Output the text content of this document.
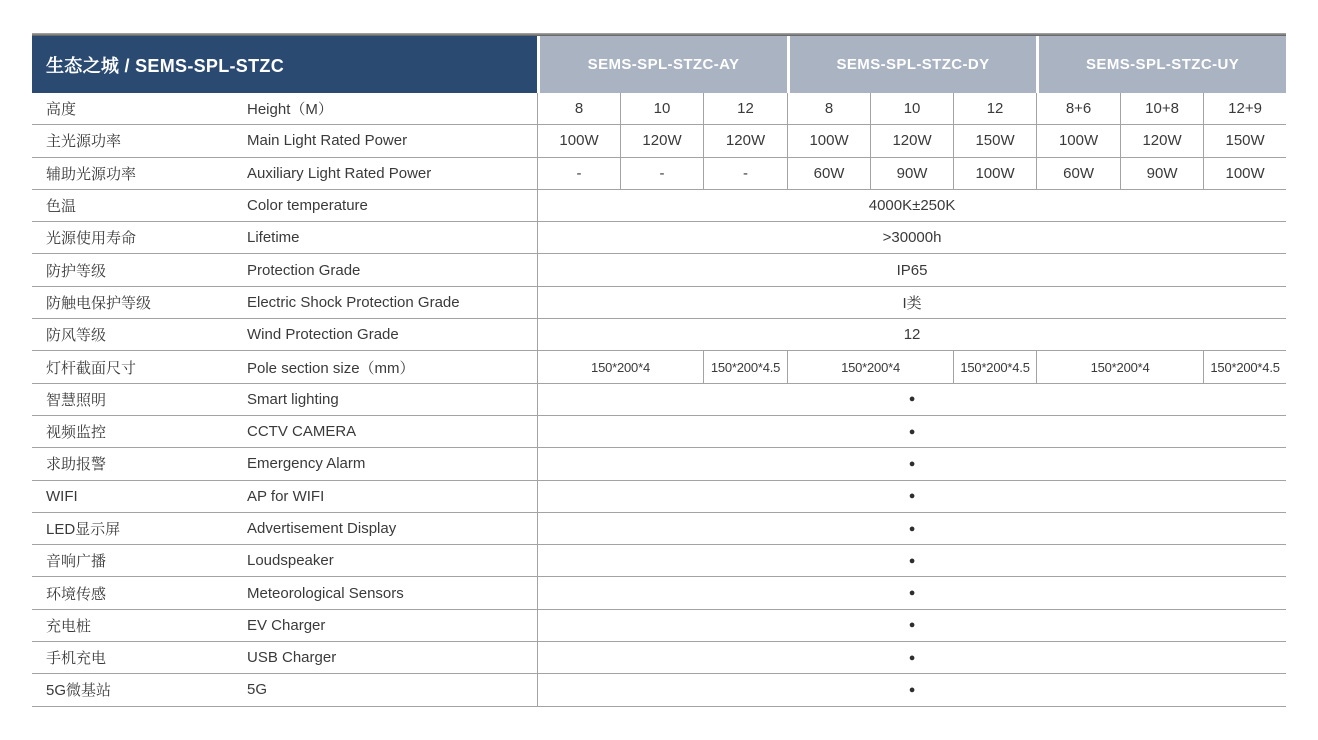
生态之城 / SEMS-SPL-STZC		SEMS-SPL-STZC-AY			SEMS-SPL-STZC-DY			SEMS-SPL-STZC-UY		
高度	Height（M）	8	10	12	8	10	12	8+6	10+8	12+9
主光源功率	Main Light Rated Power	100W	120W	120W	100W	120W	150W	100W	120W	150W
辅助光源功率	Auxiliary Light Rated Power	-	-	-	60W	90W	100W	60W	90W	100W
色温	Color temperature	4000K±250K								
光源使用寿命	Lifetime	>30000h								
防护等级	Protection Grade	IP65								
防触电保护等级	Electric Shock Protection Grade	I类								
防风等级	Wind Protection Grade	12								
灯杆截面尺寸	Pole section size（mm）	150*200*4		150*200*4.5	150*200*4		150*200*4.5	150*200*4		150*200*4.5
智慧照明	Smart lighting	●								
视频监控	CCTV CAMERA	●								
求助报警	Emergency Alarm	●								
WIFI	AP for WIFI	●								
LED显示屏	Advertisement Display	●								
音响广播	Loudspeaker	●								
环境传感	Meteorological Sensors	●								
充电桩	EV Charger	●								
手机充电	USB Charger	●								
5G微基站	5G	●								
